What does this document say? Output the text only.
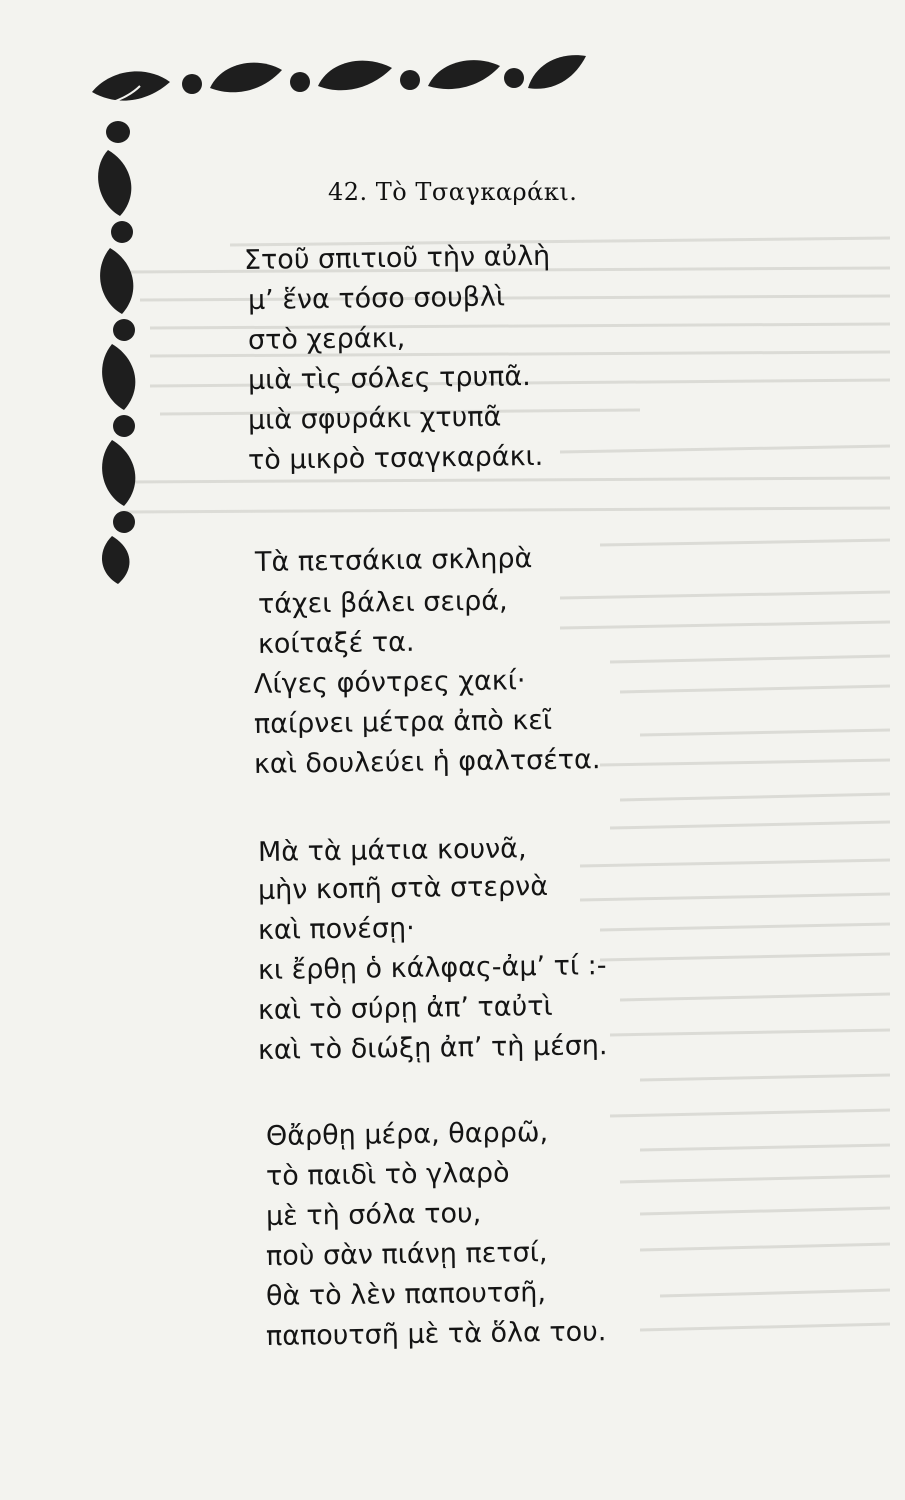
42. Τὸ Τσαγκαράκι.
Στοῦ σπιτιοῦ τὴν αὐλὴ
μ’ ἕνα τόσο σουβλὶ
στὸ χεράκι,
μιὰ τὶς σόλες τρυπᾶ.
μιὰ σφυράκι χτυπᾶ
τὸ μικρὸ τσαγκαράκι.
Τὰ πετσάκια σκληρὰ
τάχει βάλει σειρά,
κοίταξέ τα.
Λίγες φόντρες χακί·
παίρνει μέτρα ἀπὸ κεῖ
καὶ δουλεύει ἡ φαλτσέτα.
Μὰ τὰ μάτια κουνᾶ,
μὴν κοπῆ στὰ στερνὰ
καὶ πονέσῃ·
κι ἔρθῃ ὁ κάλφας-ἀμ’ τί :-
καὶ τὸ σύρῃ ἀπ’ ταὐτὶ
καὶ τὸ διώξῃ ἀπ’ τὴ μέση.
Θἄρθῃ μέρα, θαρρῶ,
τὸ παιδὶ τὸ γλαρὸ
μὲ τὴ σόλα του,
ποὺ σὰν πιάνῃ πετσί,
θὰ τὸ λὲν παπουτσῆ,
παπουτσῆ μὲ τὰ ὅλα του.
